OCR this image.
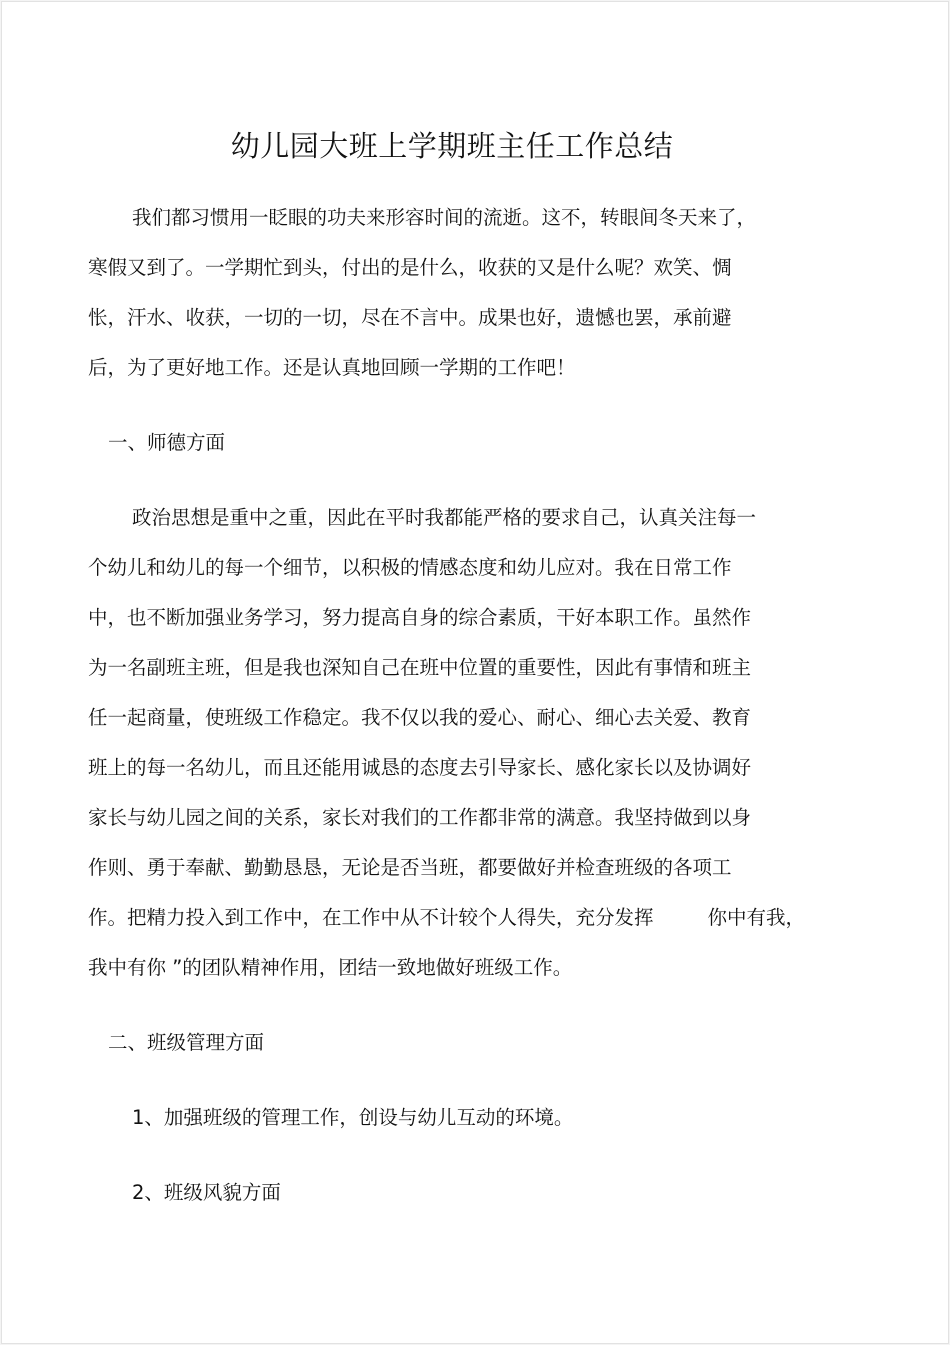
幼儿园大班上学期班主任工作总结
我们都习惯用一眨眼的功夫来形容时间的流逝。这不，转眼间冬天来了，
寒假又到了。一学期忙到头，付出的是什么，收获的又是什么呢？欢笑、惆
怅，汗水、收获，一切的一切，尽在不言中。成果也好，遗憾也罢，承前避
后，为了更好地工作。还是认真地回顾一学期的工作吧！
一、师德方面
政治思想是重中之重，因此在平时我都能严格的要求自己，认真关注每一
个幼儿和幼儿的每一个细节，以积极的情感态度和幼儿应对。我在日常工作
中，也不断加强业务学习，努力提高自身的综合素质，干好本职工作。虽然作
为一名副班主班，但是我也深知自己在班中位置的重要性，因此有事情和班主
任一起商量，使班级工作稳定。我不仅以我的爱心、耐心、细心去关爱、教育
班上的每一名幼儿，而且还能用诚恳的态度去引导家长、感化家长以及协调好
家长与幼儿园之间的关系，家长对我们的工作都非常的满意。我坚持做到以身
作则、勇于奉献、勤勤恳恳，无论是否当班，都要做好并检查班级的各项工
作。把精力投入到工作中，在工作中从不计较个人得失，充分发挥	你中有我，
我中有你 ”的团队精神作用，团结一致地做好班级工作。
二、班级管理方面
1、加强班级的管理工作，创设与幼儿互动的环境。
2、班级风貌方面
